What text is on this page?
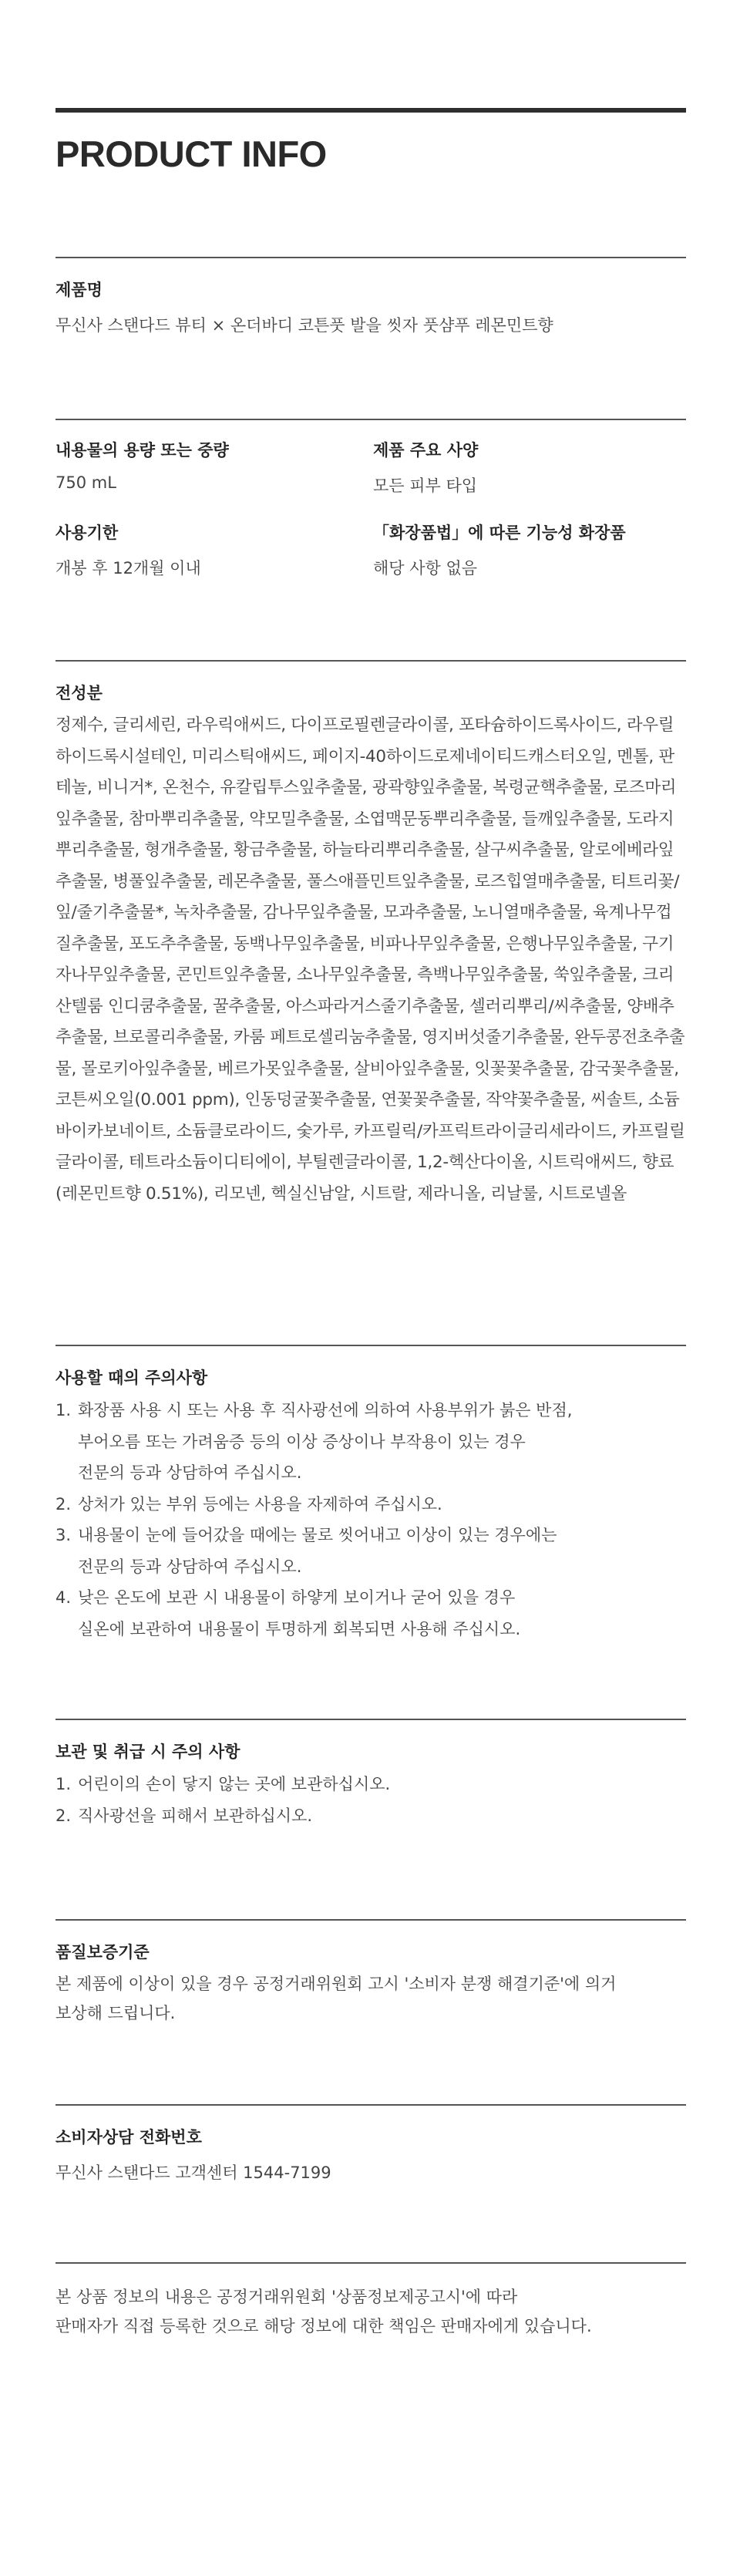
PRODUCT INFO
제품명
무신사 스탠다드 뷰티 × 온더바디 코튼풋 발을 씻자 풋샴푸 레몬민트향
내용물의 용량 또는 중량
750 mL
제품 주요 사양
모든 피부 타입
사용기한
개봉 후 12개월 이내
「화장품법」에 따른 기능성 화장품
해당 사항 없음
전성분

정제수, 글리세린, 라우릭애씨드, 다이프로필렌글라이콜, 포타슘하이드록사이드, 라우릴하이드록시설테인, 미리스틱애씨드, 페이지-40하이드로제네이티드캐스터오일, 멘톨, 판테놀, 비니거*, 온천수, 유칼립투스잎추출물, 광곽향잎추출물, 복령균핵추출물, 로즈마리잎추출물, 참마뿌리추출물, 약모밀추출물, 소엽맥문동뿌리추출물, 들깨잎추출물, 도라지뿌리추출물, 형개추출물, 황금추출물, 하늘타리뿌리추출물, 살구씨추출물, 알로에베라잎추출물, 병풀잎추출물, 레몬추출물, 풀스애플민트잎추출물, 로즈힙열매추출물, 티트리꽃/잎/줄기추출물*, 녹차추출물, 감나무잎추출물, 모과추출물, 노니열매추출물, 육계나무껍질추출물, 포도추추출물, 동백나무잎추출물, 비파나무잎추출물, 은행나무잎추출물, 구기자나무잎추출물, 콘민트잎추출물, 소나무잎추출물, 측백나무잎추출물, 쑥잎추출물, 크리산텔룸 인디쿰추출물, 꿀추출물, 아스파라거스줄기추출물, 셀러리뿌리/씨추출물, 양배추추출물, 브로콜리추출물, 카룸 페트로셀리눔추출물, 영지버섯줄기추출물, 완두콩전초추출물, 몰로키아잎추출물, 베르가못잎추출물, 살비아잎추출물, 잇꽃꽃추출물, 감국꽃추출물, 코튼씨오일(0.001 ppm), 인동덩굴꽃추출물, 연꽃꽃추출물, 작약꽃추출물, 씨솔트, 소듐바이카보네이트, 소듐클로라이드, 숯가루, 카프릴릭/카프릭트라이글리세라이드, 카프릴릴글라이콜, 테트라소듐이디티에이, 부틸렌글라이콜, 1,2-헥산다이올, 시트릭애씨드, 향료(레몬민트향 0.51%), 리모넨, 헥실신남알, 시트랄, 제라니올, 리날룰, 시트로넬올

사용할 때의 주의사항
1. 화장품 사용 시 또는 사용 후 직사광선에 의하여 사용부위가 붉은 반점,
부어오름 또는 가려움증 등의 이상 증상이나 부작용이 있는 경우
전문의 등과 상담하여 주십시오.
2. 상처가 있는 부위 등에는 사용을 자제하여 주십시오.
3. 내용물이 눈에 들어갔을 때에는 물로 씻어내고 이상이 있는 경우에는
전문의 등과 상담하여 주십시오.
4. 낮은 온도에 보관 시 내용물이 하얗게 보이거나 굳어 있을 경우
실온에 보관하여 내용물이 투명하게 회복되면 사용해 주십시오.
보관 및 취급 시 주의 사항
1. 어린이의 손이 닿지 않는 곳에 보관하십시오.
2. 직사광선을 피해서 보관하십시오.
품질보증기준
본 제품에 이상이 있을 경우 공정거래위원회 고시 '소비자 분쟁 해결기준'에 의거
보상해 드립니다.
소비자상담 전화번호
무신사 스탠다드 고객센터 1544-7199
본 상품 정보의 내용은 공정거래위원회 '상품정보제공고시'에 따라
판매자가 직접 등록한 것으로 해당 정보에 대한 책임은 판매자에게 있습니다.
